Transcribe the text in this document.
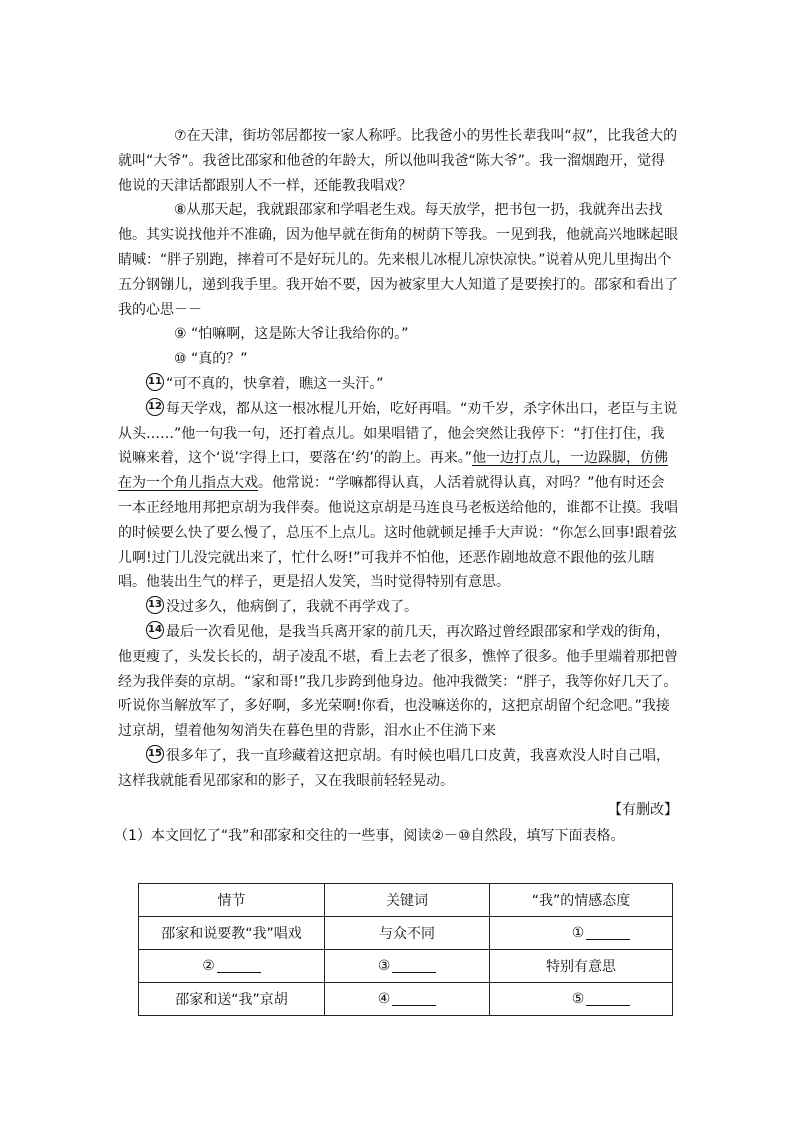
⑦在天津，街坊邻居都按一家人称呼。比我爸小的男性长辈我叫“叔”，比我爸大的就叫“大爷”。我爸比邵家和他爸的年龄大，所以他叫我爸“陈大爷”。我一溜烟跑开，觉得他说的天津话都跟别人不一样，还能教我唱戏？

⑧从那天起，我就跟邵家和学唱老生戏。每天放学，把书包一扔，我就奔出去找他。其实说找他并不准确，因为他早就在街角的树荫下等我。一见到我，他就高兴地眯起眼睛喊：“胖子别跑，摔着可不是好玩儿的。先来根儿冰棍儿凉快凉快。”说着从兜儿里掏出个五分钢镚儿，递到我手里。我开始不要，因为被家里大人知道了是要挨打的。邵家和看出了我的心思－－

⑨ “怕嘛啊，这是陈大爷让我给你的。”

⑩ “真的？”

11 “可不真的，快拿着，瞧这一头汗。”

12 每天学戏，都从这一根冰棍儿开始，吃好再唱。“劝千岁，杀字休出口，老臣与主说从头……”他一句我一句，还打着点儿。如果唱错了，他会突然让我停下：“打住打住，我说嘛来着，这个‘说’字得上口，要落在‘约’的韵上。再来。”他一边打点儿，一边跺脚，仿佛在为一个角儿指点大戏。他常说：“学嘛都得认真，人活着就得认真，对吗？”他有时还会一本正经地用邦把京胡为我伴奏。他说这京胡是马连良马老板送给他的，谁都不让摸。我唱的时候要么快了要么慢了，总压不上点儿。这时他就顿足捶手大声说：“你怎么回事!跟着弦儿啊!过门儿没完就出来了，忙什么呀!”可我并不怕他，还恶作剧地故意不跟他的弦儿瞎唱。他装出生气的样子，更是招人发笑，当时觉得特别有意思。

13 没过多久，他病倒了，我就不再学戏了。

14 最后一次看见他，是我当兵离开家的前几天，再次路过曾经跟邵家和学戏的街角，他更瘦了，头发长长的，胡子凌乱不堪，看上去老了很多，憔悴了很多。他手里端着那把曾经为我伴奏的京胡。“家和哥!”我几步跨到他身边。他冲我微笑：“胖子，我等你好几天了。听说你当解放军了，多好啊，多光荣啊!你看，也没嘛送你的，这把京胡留个纪念吧。”我接过京胡，望着他匆匆消失在暮色里的背影，泪水止不住淌下来

15 很多年了，我一直珍藏着这把京胡。有时候也唱几口皮黄，我喜欢没人时自己唱，这样我就能看见邵家和的影子，又在我眼前轻轻晃动。

【有删改】

（1）本文回忆了“我”和邵家和交往的一些事，阅读②－⑩自然段，填写下面表格。

情节	关键词	“我”的情感态度
邵家和说要教“我”唱戏	与众不同	①
②	③	特别有意思
邵家和送“我”京胡	④	⑤
